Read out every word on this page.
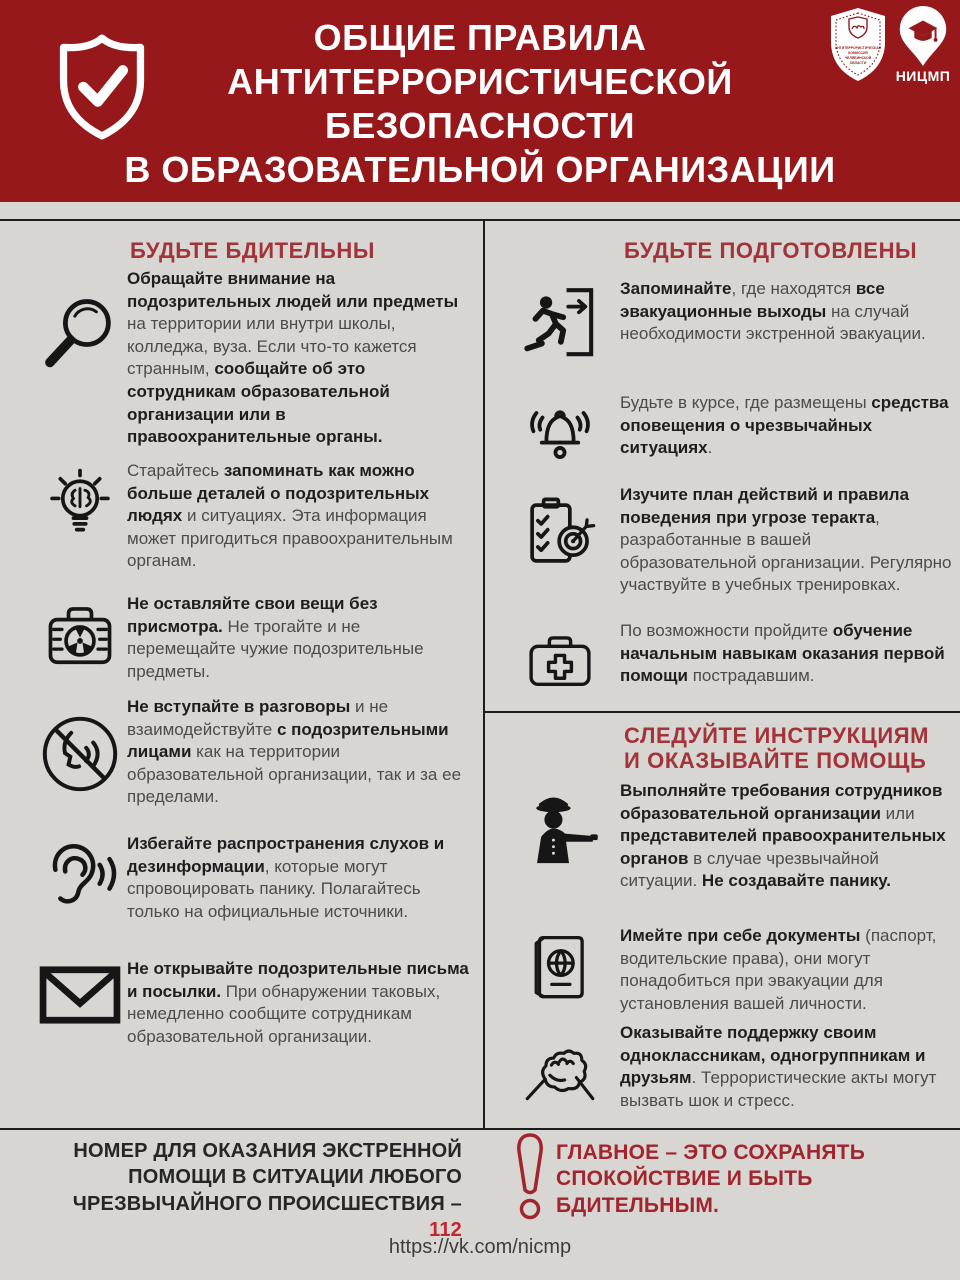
ОБЩИЕ ПРАВИЛА
АНТИТЕРРОРИСТИЧЕСКОЙ
БЕЗОПАСНОСТИ
В ОБРАЗОВАТЕЛЬНОЙ ОРГАНИЗАЦИИ
АНТИТЕРРОРИСТИЧЕСКАЯ
КОМИССИЯ
ЧЕЛЯБИНСКОЙ
ОБЛАСТИ
НИЦМП
БУДЬТЕ БДИТЕЛЬНЫ	БУДЬТЕ ПОДГОТОВЛЕНЫ
СЛЕДУЙТЕ ИНСТРУКЦИЯМ
И ОКАЗЫВАЙТЕ ПОМОЩЬ
Обращайте внимание на подозрительных людей или предметы на территории или внутри школы, колледжа, вуза. Если что-то кажется странным, сообщайте об это сотрудникам образовательной организации или в правоохранительные органы.
Старайтесь запоминать как можно больше деталей о подозрительных людях и ситуациях. Эта информация может пригодиться правоохранительным органам.
Не оставляйте свои вещи без присмотра. Не трогайте и не перемещайте чужие подозрительные предметы.
Не вступайте в разговоры и не взаимодействуйте с подозрительными лицами как на территории образовательной организации, так и за ее пределами.
Избегайте распространения слухов и дезинформации, которые могут спровоцировать панику. Полагайтесь только на официальные источники.
Не открывайте подозрительные письма и посылки. При обнаружении таковых, немедленно сообщите сотрудникам образовательной организации.
Запоминайте, где находятся все эвакуационные выходы на случай необходимости экстренной эвакуации.
Будьте в курсе, где размещены средства оповещения о чрезвычайных ситуациях.
Изучите план действий и правила поведения при угрозе теракта, разработанные в вашей образовательной организации. Регулярно участвуйте в учебных тренировках.
По возможности пройдите обучение начальным навыкам оказания первой помощи пострадавшим.
Выполняйте требования сотрудников образовательной организации или представителей правоохранительных органов в случае чрезвычайной ситуации. Не создавайте панику.
Имейте при себе документы (паспорт, водительские права), они могут понадобиться при эвакуации для установления вашей личности.
Оказывайте поддержку своим одноклассникам, одногруппникам и друзьям. Террористические акты могут вызвать шок и стресс.
НОМЕР ДЛЯ ОКАЗАНИЯ ЭКСТРЕННОЙ ПОМОЩИ В СИТУАЦИИ ЛЮБОГО ЧРЕЗВЫЧАЙНОГО ПРОИСШЕСТВИЯ – 112
ГЛАВНОЕ – ЭТО СОХРАНЯТЬ СПОКОЙСТВИЕ И БЫТЬ БДИТЕЛЬНЫМ.
https://vk.com/nicmp
